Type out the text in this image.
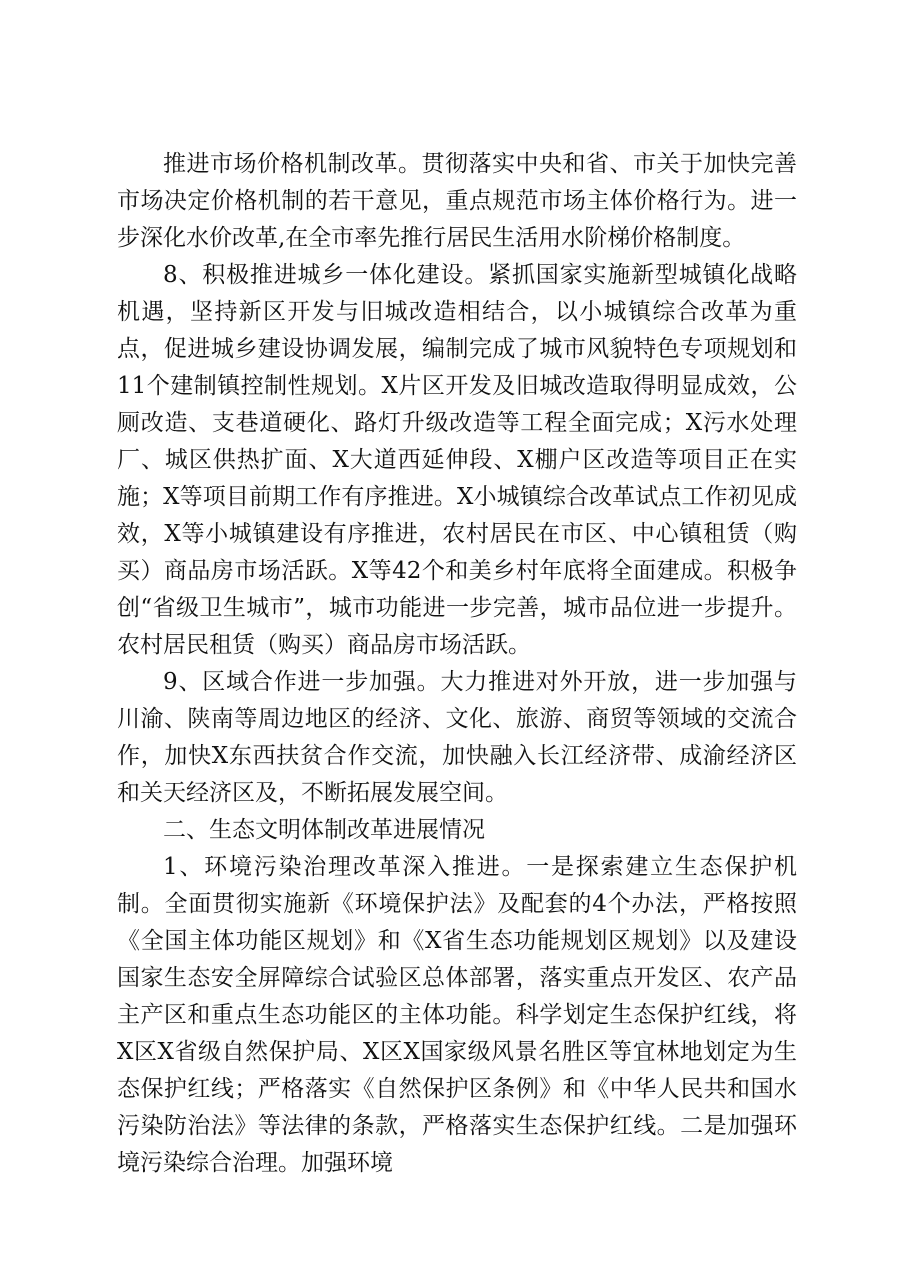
推进市场价格机制改革。贯彻落实中央和省、市关于加快完善市场决定价格机制的若干意见，重点规范市场主体价格行为。进一步深化水价改革,在全市率先推行居民生活用水阶梯价格制度。

8、积极推进城乡一体化建设。紧抓国家实施新型城镇化战略机遇，坚持新区开发与旧城改造相结合，以小城镇综合改革为重点，促进城乡建设协调发展，编制完成了城市风貌特色专项规划和11个建制镇控制性规划。X片区开发及旧城改造取得明显成效，公厕改造、支巷道硬化、路灯升级改造等工程全面完成；X污水处理厂、城区供热扩面、X大道西延伸段、X棚户区改造等项目正在实施；X等项目前期工作有序推进。X小城镇综合改革试点工作初见成效，X等小城镇建设有序推进，农村居民在市区、中心镇租赁（购买）商品房市场活跃。X等42个和美乡村年底将全面建成。积极争创“省级卫生城市”，城市功能进一步完善，城市品位进一步提升。农村居民租赁（购买）商品房市场活跃。

9、区域合作进一步加强。大力推进对外开放，进一步加强与川渝、陕南等周边地区的经济、文化、旅游、商贸等领域的交流合作，加快X东西扶贫合作交流，加快融入长江经济带、成渝经济区和关天经济区及，不断拓展发展空间。

二、生态文明体制改革进展情况

1、环境污染治理改革深入推进。一是探索建立生态保护机制。全面贯彻实施新《环境保护法》及配套的4个办法，严格按照《全国主体功能区规划》和《X省生态功能规划区规划》以及建设国家生态安全屏障综合试验区总体部署，落实重点开发区、农产品主产区和重点生态功能区的主体功能。科学划定生态保护红线，将X区X省级自然保护局、X区X国家级风景名胜区等宜林地划定为生态保护红线；严格落实《自然保护区条例》和《中华人民共和国水污染防治法》等法律的条款，严格落实生态保护红线。二是加强环境污染综合治理。加强环境
